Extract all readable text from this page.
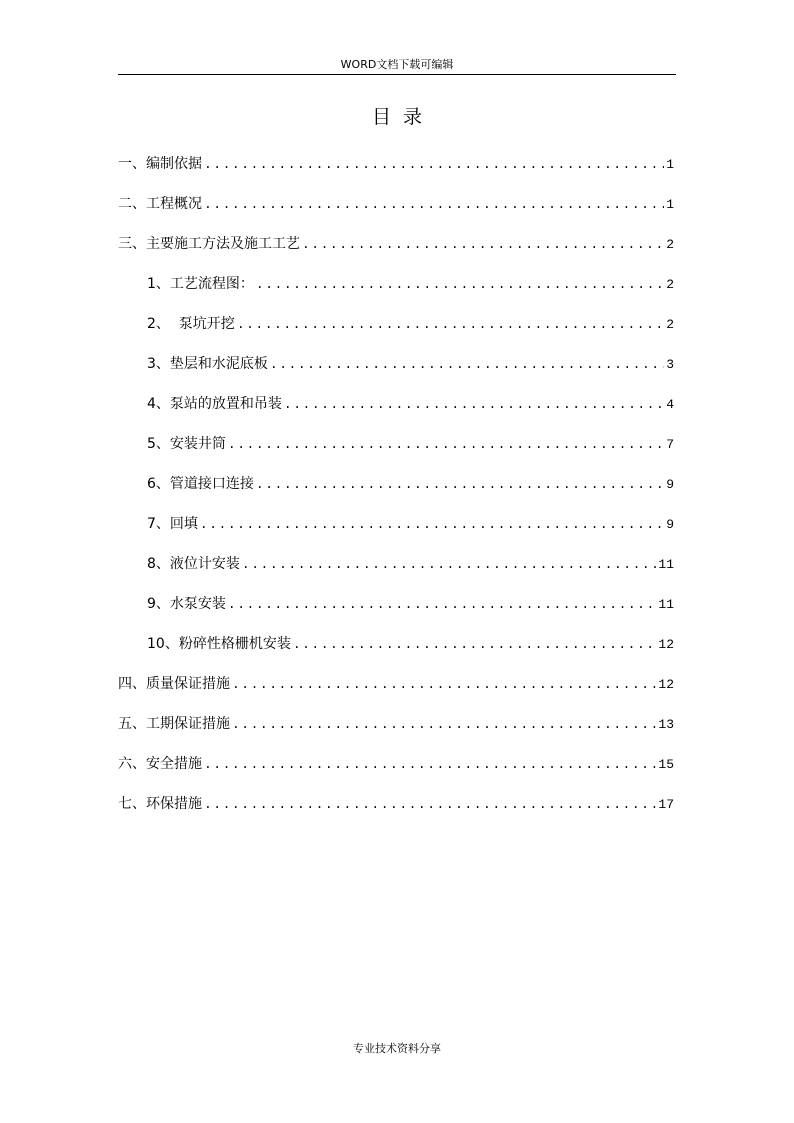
WORD文档下载可编辑
目录
一、编制依据 .....	1
二、工程概况 .....	1
三、主要施工方法及施工工艺 .....	2
1、工艺流程图： .....	2
2、  泵坑开挖 .....	2
3、垫层和水泥底板 .....	3
4、泵站的放置和吊装 .....	4
5、安装井筒 .....	7
6、管道接口连接 .....	9
7、回填 .....	9
8、液位计安装 .....	11
9、水泵安装 .....	11
10、粉碎性格栅机安装 .....	12
四、质量保证措施 .....	12
五、工期保证措施 .....	13
六、安全措施 .....	15
七、环保措施 .....	17
专业技术资料分享
